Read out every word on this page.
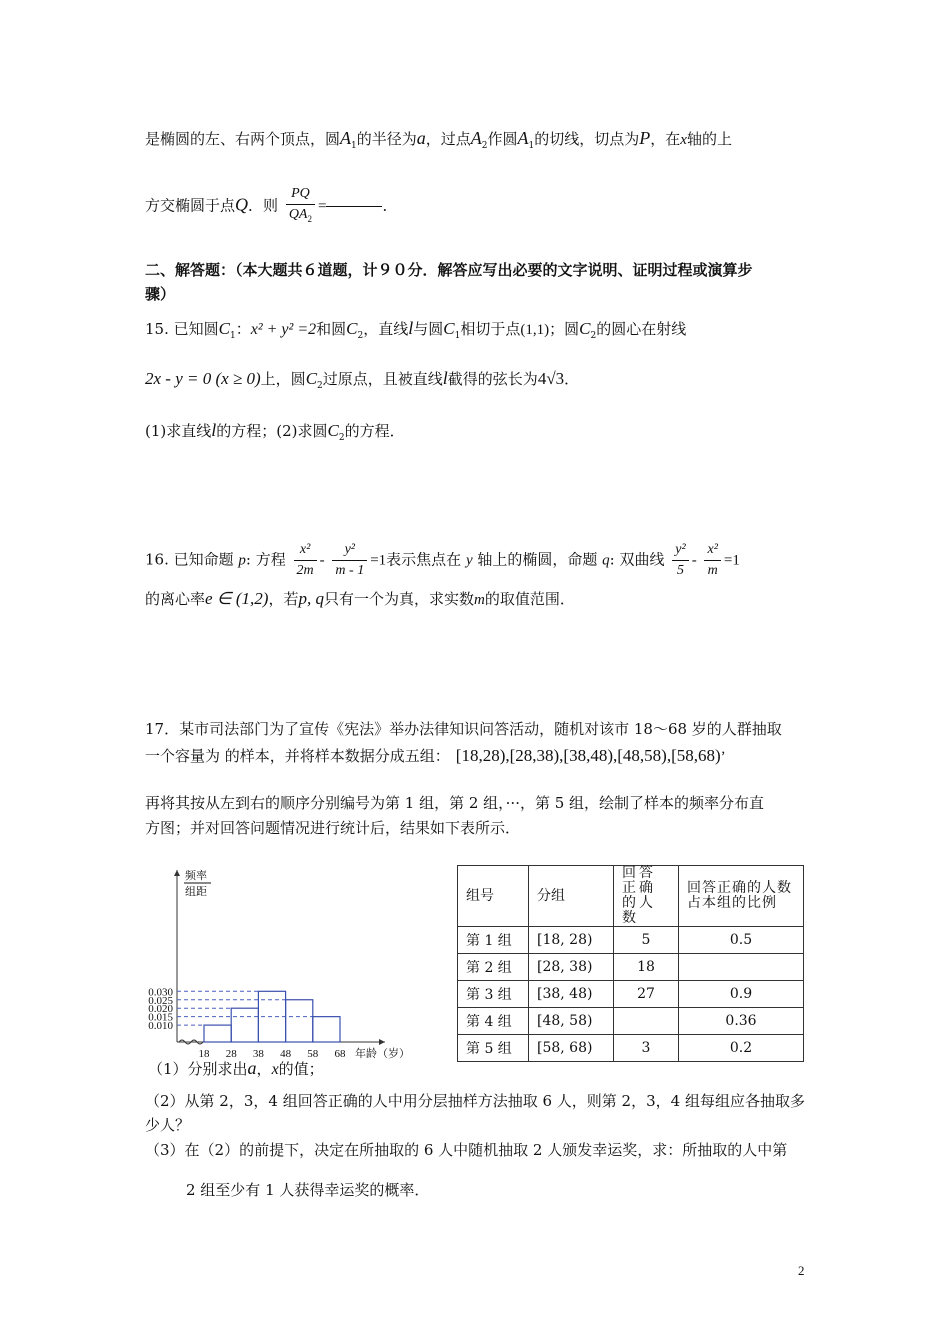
是椭圆的左、右两个顶点，圆$A_1$的半径为a，过点$A_2$作圆$A_1$的切线，切点为P，在x轴的上
方交椭圆于点Q．则 $\frac{PQ}{QA_2}$ =	．
二、解答题：（本大题共６道题，计９０分．解答应写出必要的文字说明、证明过程或演算步
骤）
15. 已知圆$C_1$：x² + y² =2和圆$C_2$，直线l与圆$C_1$相切于点(1,1)；圆$C_2$的圆心在射线
2x - y = 0 (x ≥ 0)上，圆$C_2$过原点，且被直线l截得的弦长为4√3．
(1)求直线l的方程；(2)求圆$C_2$的方程．
16. 已知命题 p: 方程 $\frac{\text{x²}}{2m} - \frac{\text{y²}}{m - 1} =1$表示焦点在 y 轴上的椭圆，命题 q: 双曲线 $\frac{\text{y²}}{5} - \frac{\text{x²}}{m} =1$
的离心率e ∈ (1,2)，若p, q只有一个为真，求实数m的取值范围．
17．某市司法部门为了宣传《宪法》举办法律知识问答活动，随机对该市 18～68 岁的人群抽取
一个容量为 的样本，并将样本数据分成五组： [18,28),[28,38),[38,48),[48,58),[58,68)’
再将其按从左到右的顺序分别编号为第 1 组，第 2 组，···，第 5 组，绘制了样本的频率分布直
方图；并对回答问题情况进行统计后，结果如下表所示．
频率
组距
0.010
0.015
0.020
0.025
0.030
18 28 38 48 58 68 年龄（岁）
组号	分组	回答正确的人数	回答正确的人数占本组的比例
第 1 组	[18, 28)	5	0.5
第 2 组	[28, 38)	18	
第 3 组	[38, 48)	27	0.9
第 4 组	[48, 58)		0.36
第 5 组	[58, 68)	3	0.2
（1）分别求出a，x的值；
（2）从第 2，3，4 组回答正确的人中用分层抽样方法抽取 6 人，则第 2，3，4 组每组应各抽取多
少人？
（3）在（2）的前提下，决定在所抽取的 6 人中随机抽取 2 人颁发幸运奖，求：所抽取的人中第
2 组至少有 1 人获得幸运奖的概率．
2
